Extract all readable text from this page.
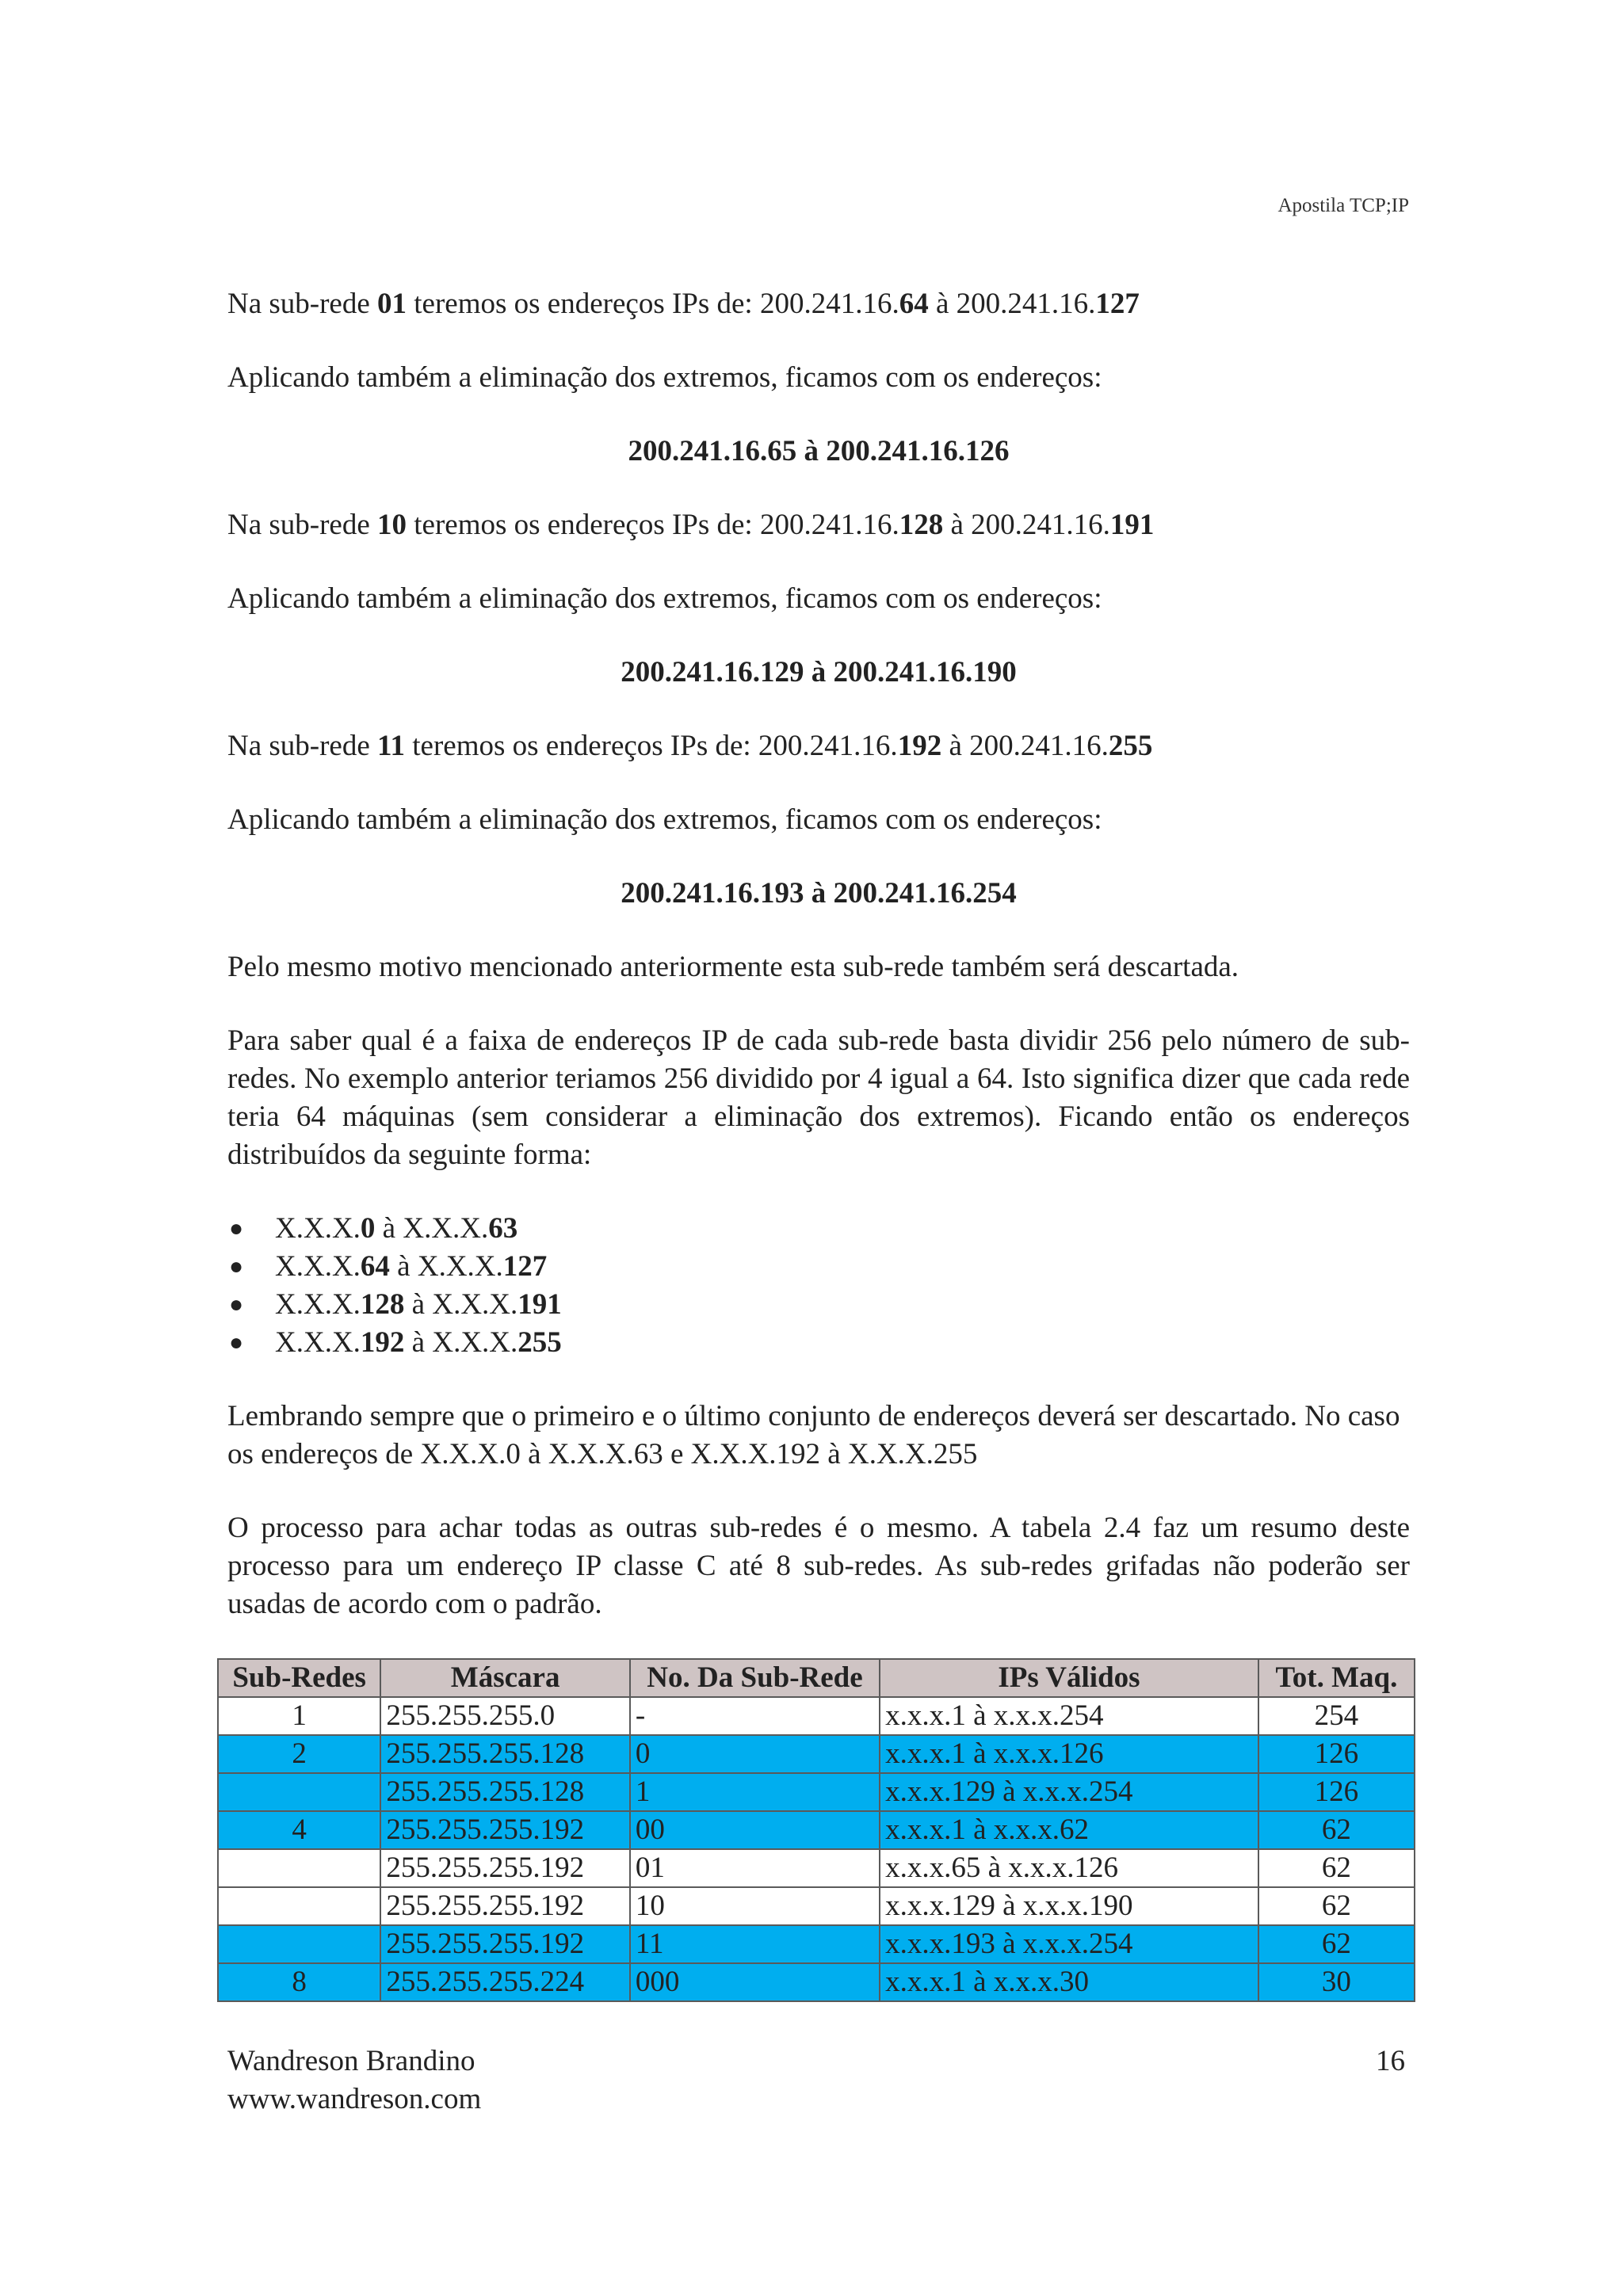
Apostila TCP;IP

Na sub-rede 01 teremos os endereços IPs de: 200.241.16.64 à 200.241.16.127

Aplicando também a eliminação dos extremos, ficamos com os endereços:

200.241.16.65 à 200.241.16.126

Na sub-rede 10 teremos os endereços IPs de: 200.241.16.128 à 200.241.16.191

Aplicando também a eliminação dos extremos, ficamos com os endereços:

200.241.16.129 à 200.241.16.190

Na sub-rede 11 teremos os endereços IPs de: 200.241.16.192 à 200.241.16.255

Aplicando também a eliminação dos extremos, ficamos com os endereços:

200.241.16.193 à 200.241.16.254

Pelo mesmo motivo mencionado anteriormente esta sub-rede também será descartada.

Para saber qual é a faixa de endereços IP de cada sub-rede basta dividir 256 pelo número de sub-redes. No exemplo anterior teriamos 256 dividido por 4 igual a 64. Isto significa dizer que cada rede teria 64 máquinas (sem considerar a eliminação dos extremos). Ficando então os endereços distribuídos da seguinte forma:

● X.X.X.0 à X.X.X.63
● X.X.X.64 à X.X.X.127
● X.X.X.128 à X.X.X.191
● X.X.X.192 à X.X.X.255

Lembrando sempre que o primeiro e o último conjunto de endereços deverá ser descartado. No caso os endereços de X.X.X.0 à X.X.X.63 e X.X.X.192 à X.X.X.255

O processo para achar todas as outras sub-redes é o mesmo. A tabela 2.4 faz um resumo deste processo para um endereço IP classe C até 8 sub-redes. As sub-redes grifadas não poderão ser usadas de acordo com o padrão.

Sub-Redes	Máscara	No. Da Sub-Rede	IPs Válidos	Tot. Maq.
1	255.255.255.0	-	x.x.x.1 à x.x.x.254	254
2	255.255.255.128	0	x.x.x.1 à x.x.x.126	126
	255.255.255.128	1	x.x.x.129 à x.x.x.254	126
4	255.255.255.192	00	x.x.x.1 à x.x.x.62	62
	255.255.255.192	01	x.x.x.65 à x.x.x.126	62
	255.255.255.192	10	x.x.x.129 à x.x.x.190	62
	255.255.255.192	11	x.x.x.193 à x.x.x.254	62
8	255.255.255.224	000	x.x.x.1 à x.x.x.30	30
Wandreson Brandino
www.wandreson.com
16
